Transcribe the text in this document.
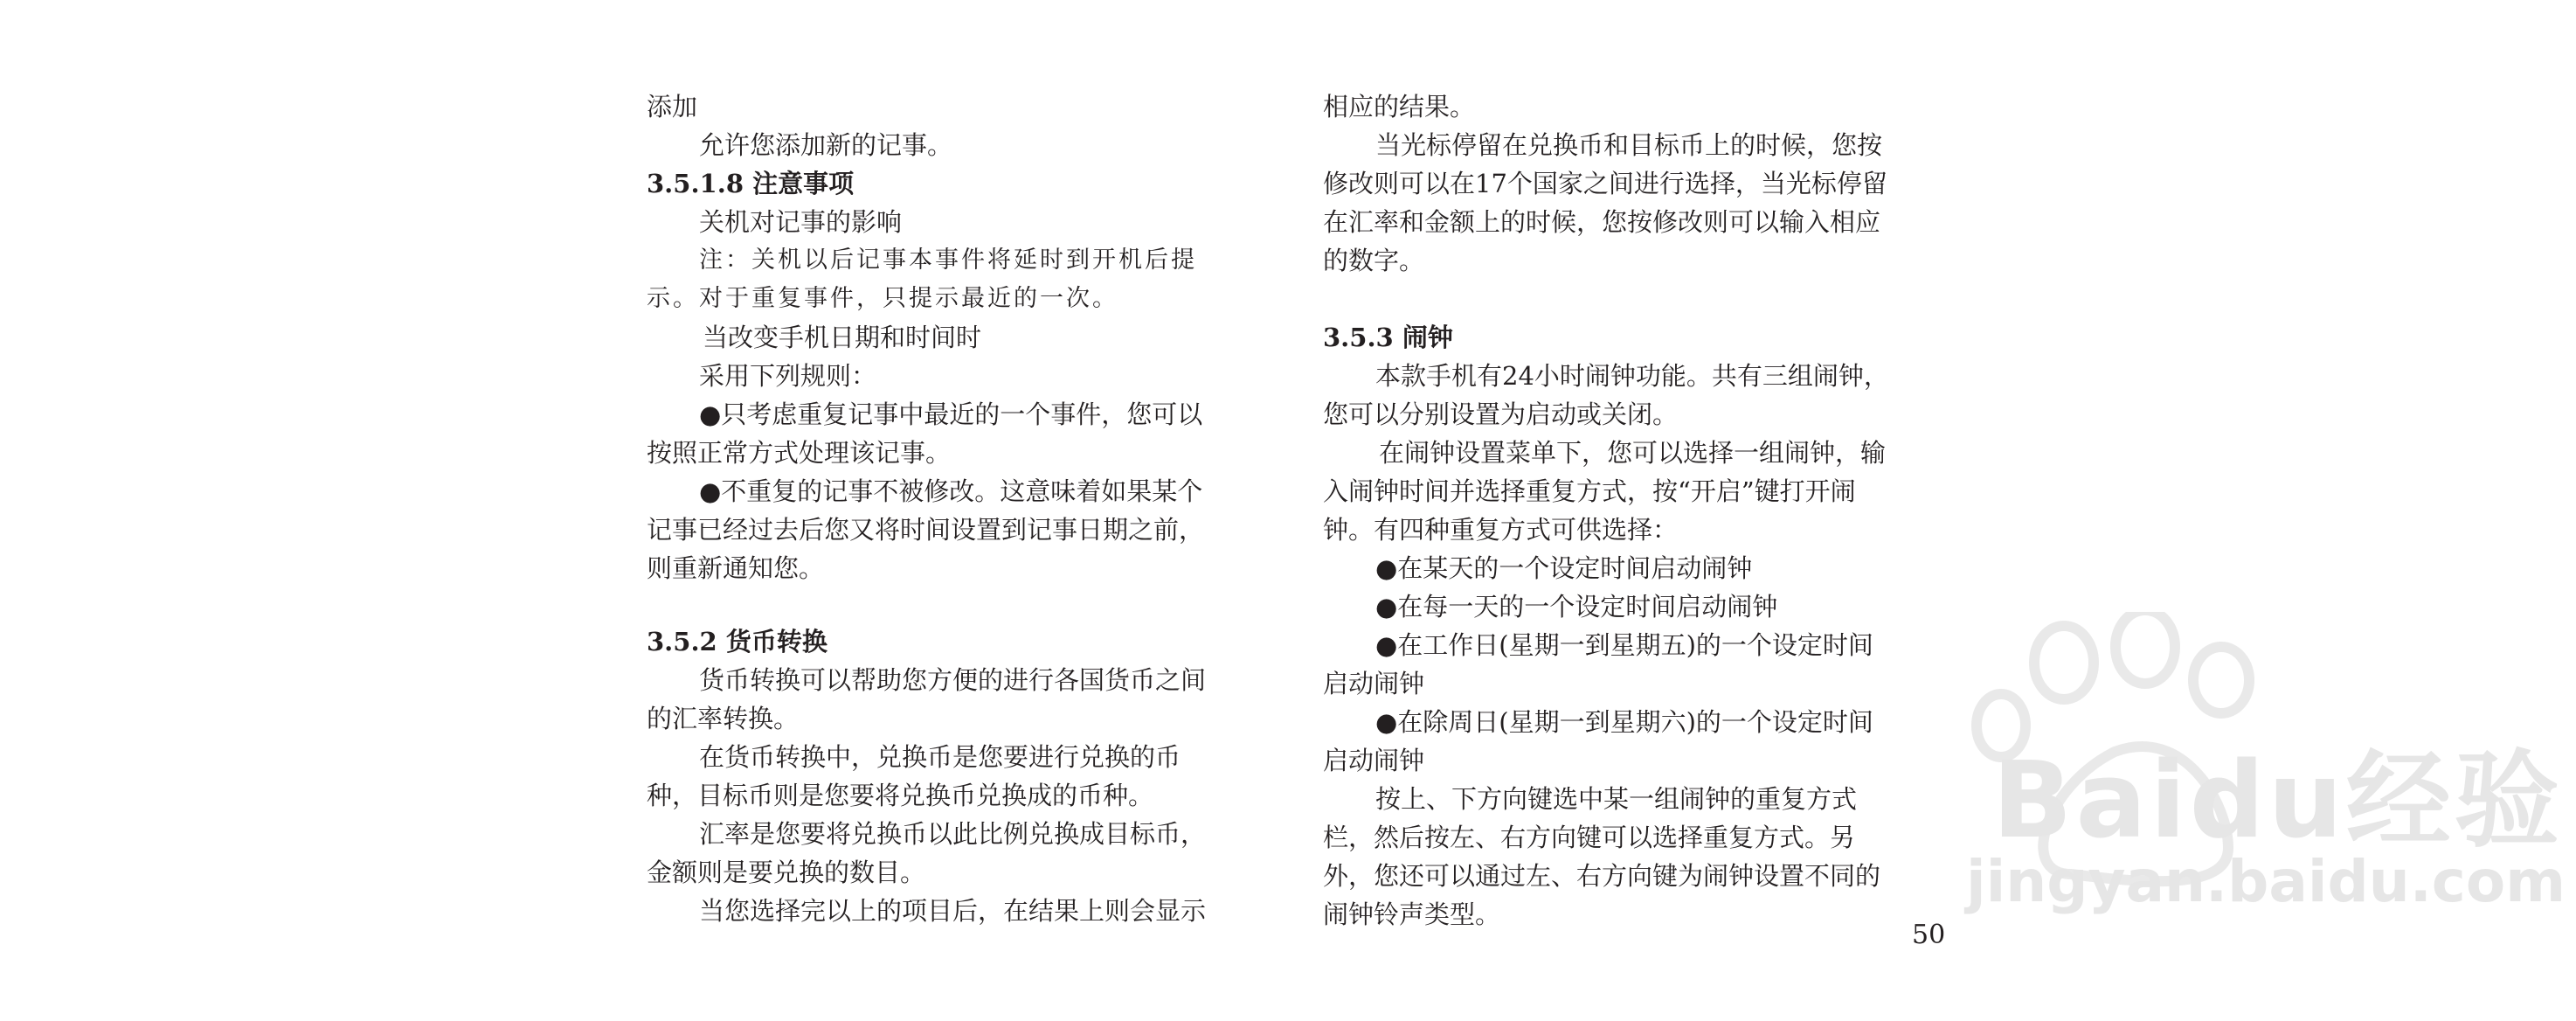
添加
允许您添加新的记事。
3.5.1.8 注意事项
关机对记事的影响
注：关机以后记事本事件将延时到开机后提
示。对于重复事件，只提示最近的一次。
当改变手机日期和时间时
采用下列规则：
●只考虑重复记事中最近的一个事件，您可以
按照正常方式处理该记事。
●不重复的记事不被修改。这意味着如果某个
记事已经过去后您又将时间设置到记事日期之前，
则重新通知您。
3.5.2 货币转换
货币转换可以帮助您方便的进行各国货币之间
的汇率转换。
在货币转换中，兑换币是您要进行兑换的币
种，目标币则是您要将兑换币兑换成的币种。
汇率是您要将兑换币以此比例兑换成目标币，
金额则是要兑换的数目。
当您选择完以上的项目后，在结果上则会显示
相应的结果。
当光标停留在兑换币和目标币上的时候，您按
修改则可以在17个国家之间进行选择，当光标停留
在汇率和金额上的时候，您按修改则可以输入相应
的数字。
3.5.3 闹钟
本款手机有24小时闹钟功能。共有三组闹钟，
您可以分别设置为启动或关闭。
在闹钟设置菜单下，您可以选择一组闹钟，输
入闹钟时间并选择重复方式，按“开启”键打开闹
钟。有四种重复方式可供选择：
●在某天的一个设定时间启动闹钟
●在每一天的一个设定时间启动闹钟
●在工作日(星期一到星期五)的一个设定时间
启动闹钟
●在除周日(星期一到星期六)的一个设定时间
启动闹钟
按上、下方向键选中某一组闹钟的重复方式
栏，然后按左、右方向键可以选择重复方式。另
外，您还可以通过左、右方向键为闹钟设置不同的
闹钟铃声类型。
50
Baidu经验
jingyan.baidu.com
